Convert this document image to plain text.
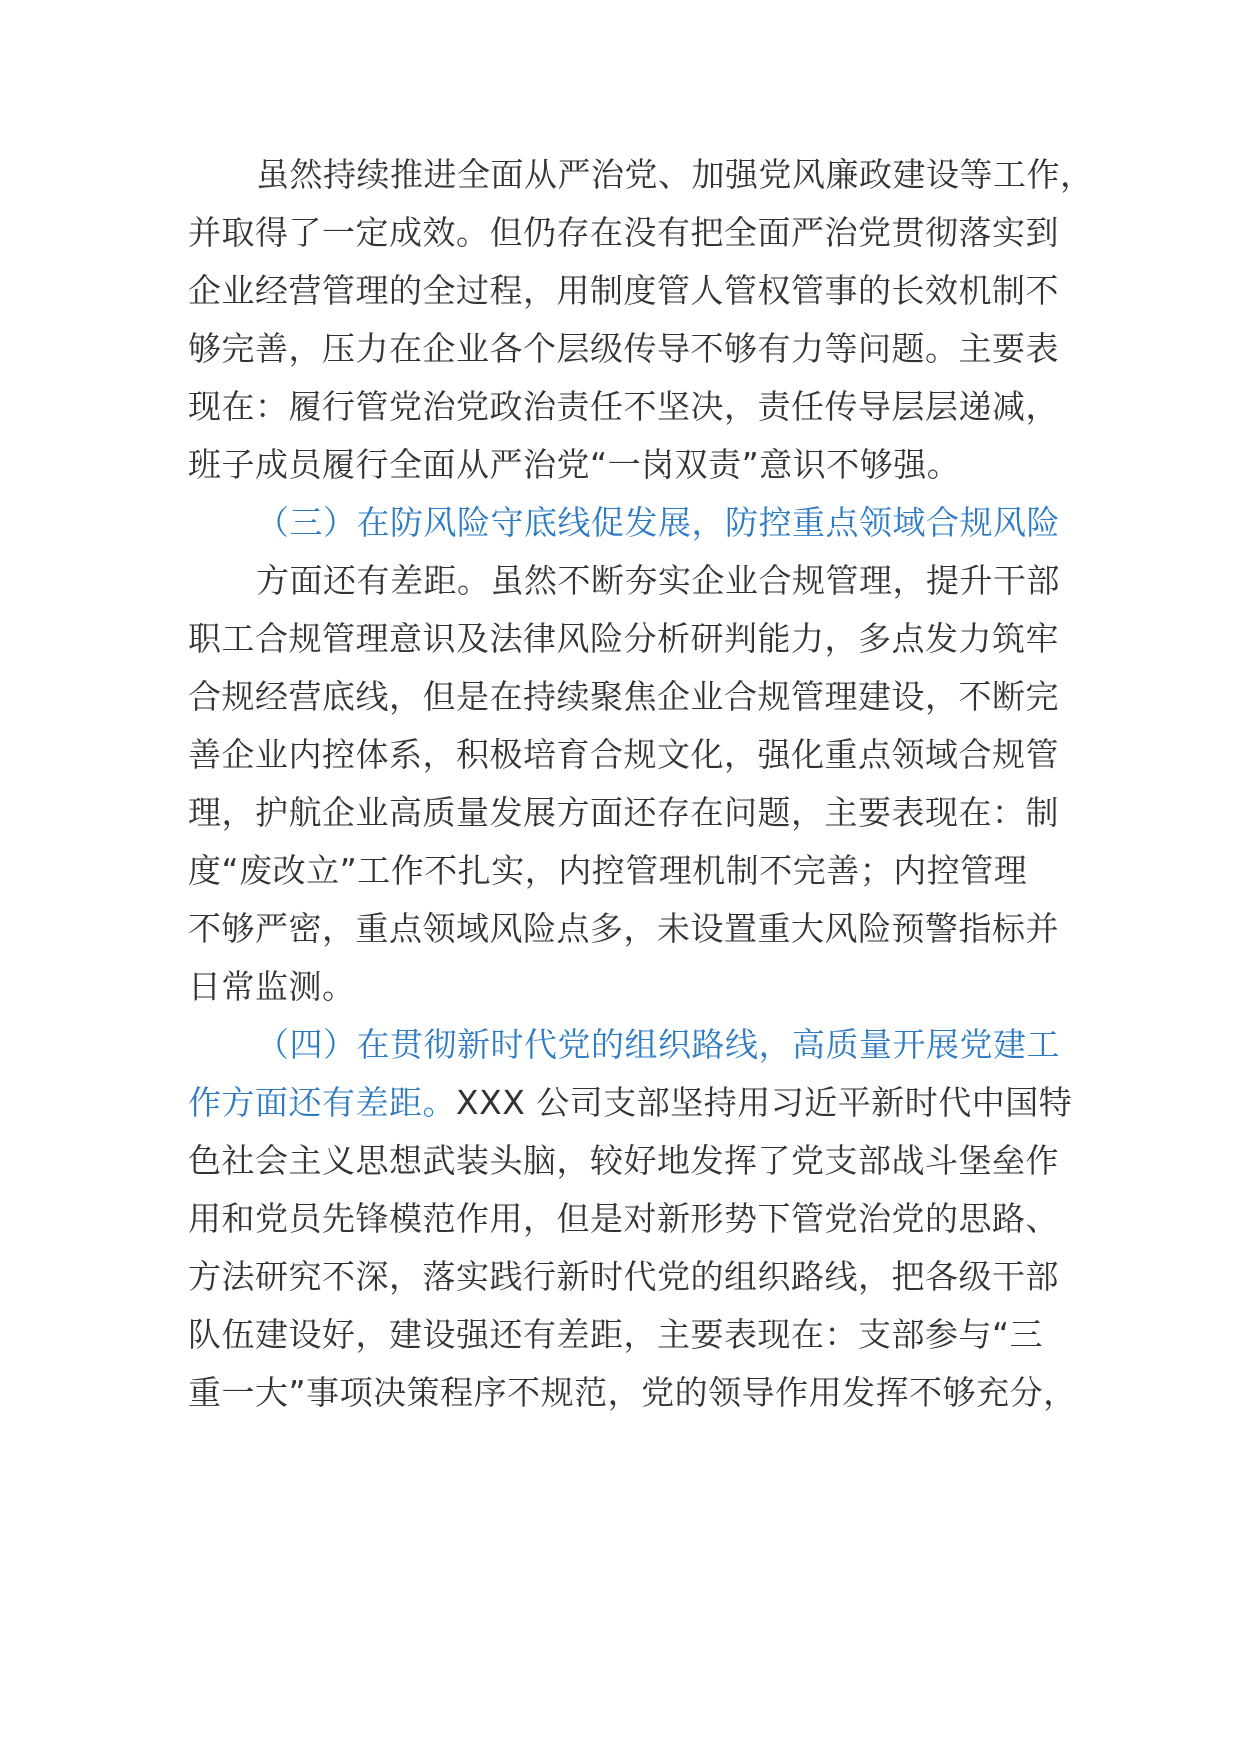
虽然持续推进全面从严治党、加强党风廉政建设等工作，
并取得了一定成效。但仍存在没有把全面严治党贯彻落实到
企业经营管理的全过程，用制度管人管权管事的长效机制不
够完善，压力在企业各个层级传导不够有力等问题。主要表
现在：履行管党治党政治责任不坚决，责任传导层层递减，
班子成员履行全面从严治党“一岗双责”意识不够强。
（三）在防风险守底线促发展，防控重点领域合规风险
方面还有差距。虽然不断夯实企业合规管理，提升干部
职工合规管理意识及法律风险分析研判能力，多点发力筑牢
合规经营底线，但是在持续聚焦企业合规管理建设，不断完
善企业内控体系，积极培育合规文化，强化重点领域合规管
理，护航企业高质量发展方面还存在问题，主要表现在：制
度“废改立”工作不扎实，内控管理机制不完善；内控管理
不够严密，重点领域风险点多，未设置重大风险预警指标并
日常监测。
（四）在贯彻新时代党的组织路线，高质量开展党建工
作方面还有差距。XXX 公司支部坚持用习近平新时代中国特
色社会主义思想武装头脑，较好地发挥了党支部战斗堡垒作
用和党员先锋模范作用，但是对新形势下管党治党的思路、
方法研究不深，落实践行新时代党的组织路线，把各级干部
队伍建设好，建设强还有差距，主要表现在：支部参与“三
重一大”事项决策程序不规范，党的领导作用发挥不够充分，
